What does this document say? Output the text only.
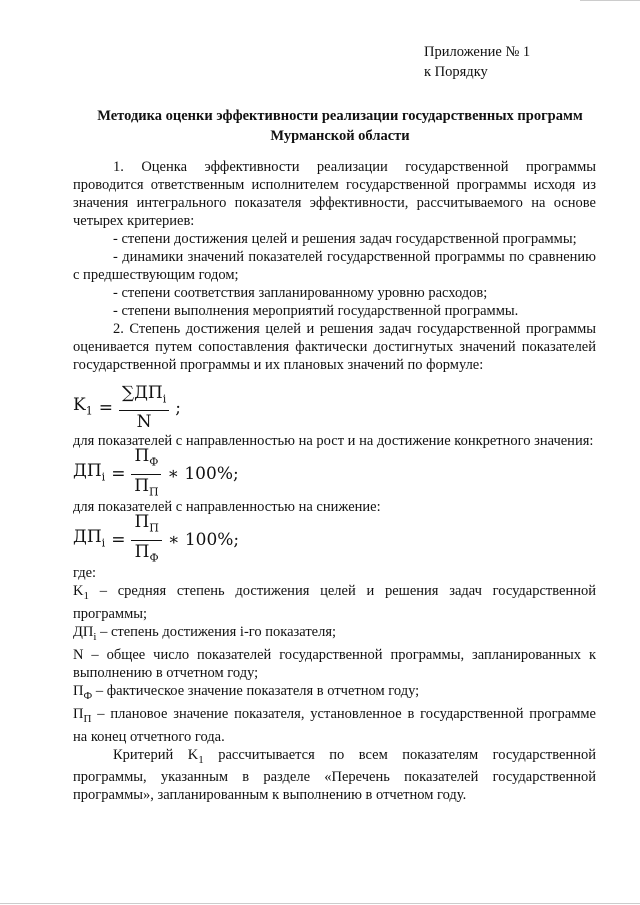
Приложение № 1
к Порядку
Методика оценки эффективности реализации государственных программ Мурманской области

1. Оценка эффективности реализации государственной программы проводится ответственным исполнителем государственной программы исходя из значения интегрального показателя эффективности, рассчитываемого на основе четырех критериев:

- степени достижения целей и решения задач государственной программы;

- динамики значений показателей государственной программы по сравнению с предшествующим годом;

- степени соответствия запланированному уровню расходов;

- степени выполнения мероприятий государственной программы.

2. Степень достижения целей и решения задач государственной программы оценивается путем сопоставления фактически достигнутых значений показателей государственной программы и их плановых значений по формуле:

$K_1 = \frac{\sum ДП_i}{N}$ ;

для показателей с направленностью на рост и на достижение конкретного значения:

$ДП_i = \frac{П_Ф}{П_П}$ ∗ 100%;

для показателей с направленностью на снижение:

$ДП_i = \frac{П_П}{П_Ф}$ ∗ 100%;

где:

$K_1$ – средняя степень достижения целей и решения задач государственной программы;

$ДП_i$ – степень достижения i-го показателя;

N – общее число показателей государственной программы, запланированных к выполнению в отчетном году;

$П_Ф$ – фактическое значение показателя в отчетном году;

$П_П$ – плановое значение показателя, установленное в государственной программе на конец отчетного года.

Критерий $K_1$ рассчитывается по всем показателям государственной программы, указанным в разделе «Перечень показателей государственной программы», запланированным к выполнению в отчетном году.
